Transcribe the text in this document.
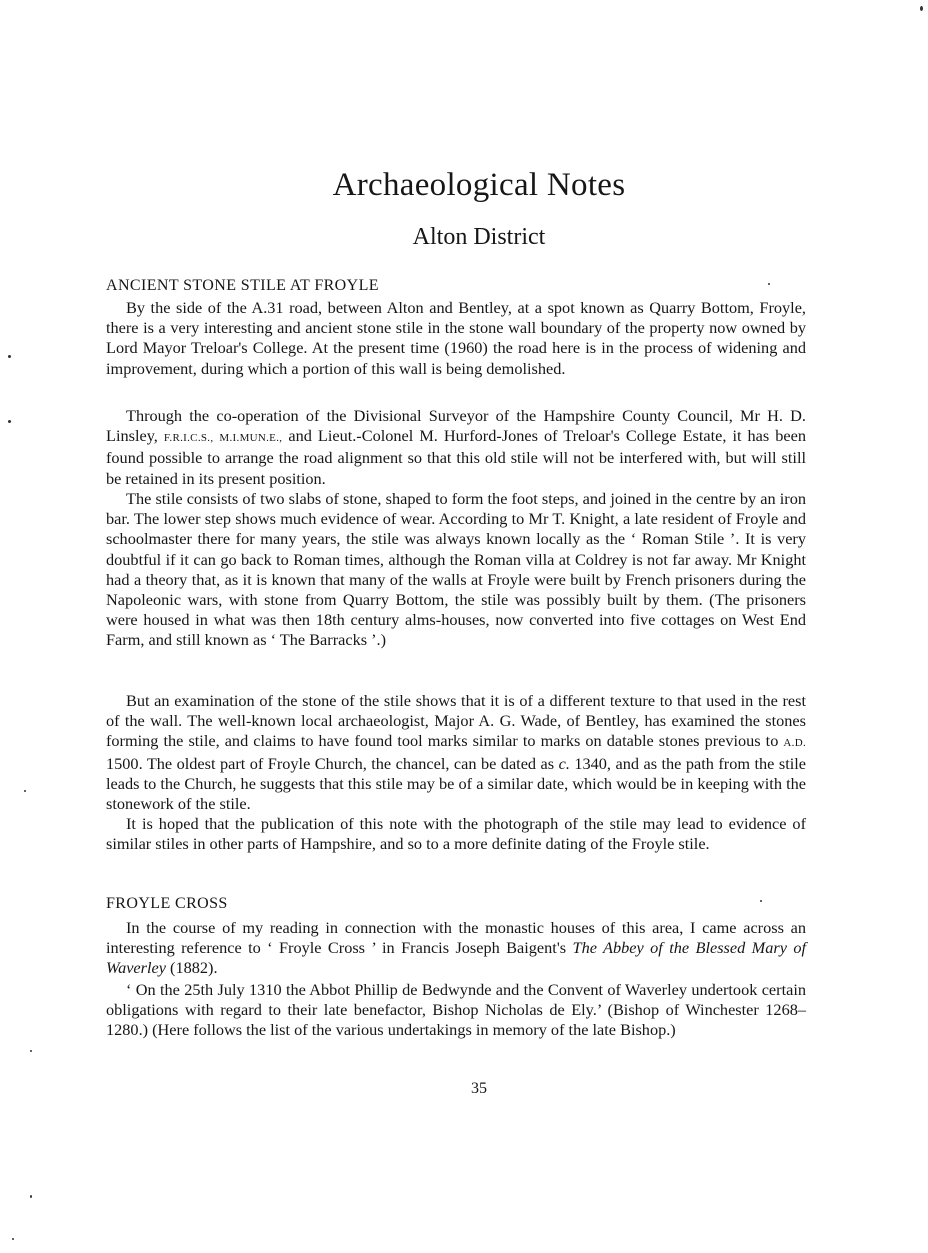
Archaeological Notes
Alton District
ANCIENT STONE STILE AT FROYLE

By the side of the A.31 road, between Alton and Bentley, at a spot known as Quarry Bottom, Froyle, there is a very interesting and ancient stone stile in the stone wall boundary of the property now owned by Lord Mayor Treloar's College. At the present time (1960) the road here is in the process of widening and improvement, during which a portion of this wall is being demolished.

Through the co-operation of the Divisional Surveyor of the Hampshire County Council, Mr H. D. Linsley, F.R.I.C.S., M.I.MUN.E., and Lieut.-Colonel M. Hurford-Jones of Treloar's College Estate, it has been found possible to arrange the road alignment so that this old stile will not be interfered with, but will still be retained in its present position.

The stile consists of two slabs of stone, shaped to form the foot steps, and joined in the centre by an iron bar. The lower step shows much evidence of wear. According to Mr T. Knight, a late resident of Froyle and schoolmaster there for many years, the stile was always known locally as the ‘ Roman Stile ’. It is very doubtful if it can go back to Roman times, although the Roman villa at Coldrey is not far away. Mr Knight had a theory that, as it is known that many of the walls at Froyle were built by French prisoners during the Napoleonic wars, with stone from Quarry Bottom, the stile was possibly built by them. (The prisoners were housed in what was then 18th century alms-houses, now converted into five cottages on West End Farm, and still known as ‘ The Barracks ’.)

But an examination of the stone of the stile shows that it is of a different texture to that used in the rest of the wall. The well-known local archaeologist, Major A. G. Wade, of Bentley, has examined the stones forming the stile, and claims to have found tool marks similar to marks on datable stones previous to A.D. 1500. The oldest part of Froyle Church, the chancel, can be dated as c. 1340, and as the path from the stile leads to the Church, he suggests that this stile may be of a similar date, which would be in keeping with the stonework of the stile.

It is hoped that the publication of this note with the photograph of the stile may lead to evidence of similar stiles in other parts of Hampshire, and so to a more definite dating of the Froyle stile.

FROYLE CROSS

In the course of my reading in connection with the monastic houses of this area, I came across an interesting reference to ‘ Froyle Cross ’ in Francis Joseph Baigent's The Abbey of the Blessed Mary of Waverley (1882).

‘ On the 25th July 1310 the Abbot Phillip de Bedwynde and the Convent of Waverley undertook certain obligations with regard to their late benefactor, Bishop Nicholas de Ely.’ (Bishop of Winchester 1268–1280.) (Here follows the list of the various undertakings in memory of the late Bishop.)

35
